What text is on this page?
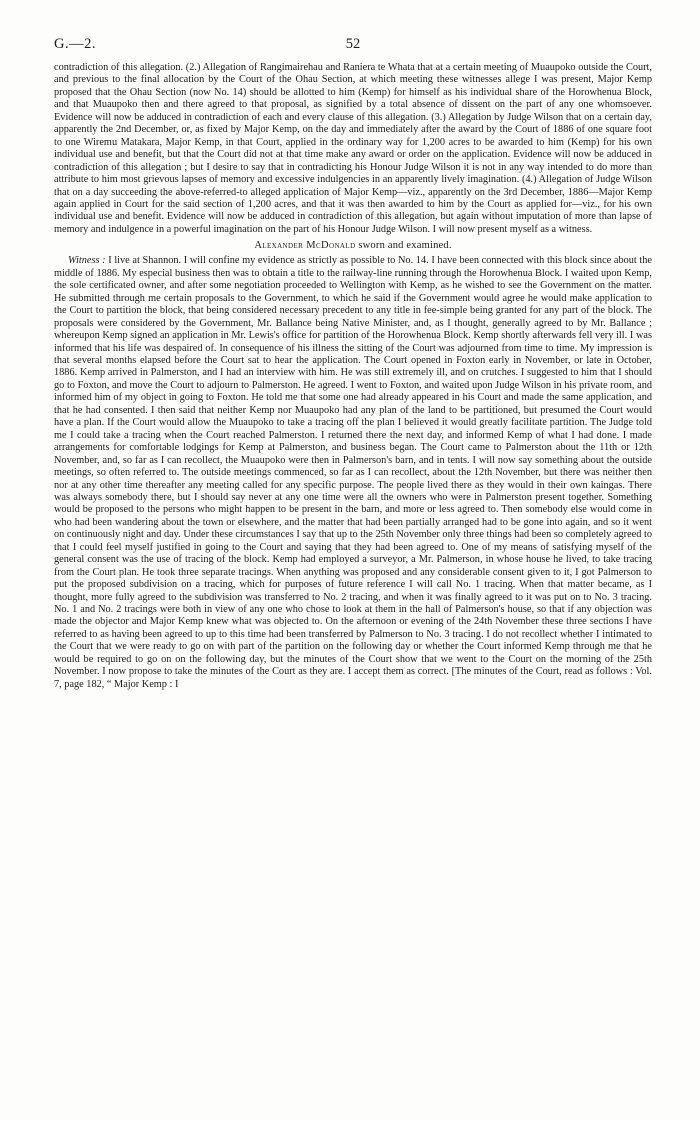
G.—2.	52

contradiction of this allegation. (2.) Allegation of Rangimairehau and Raniera te Whata that at a certain meeting of Muaupoko outside the Court, and previous to the final allocation by the Court of the Ohau Section, at which meeting these witnesses allege I was present, Major Kemp proposed that the Ohau Section (now No. 14) should be allotted to him (Kemp) for himself as his individual share of the Horowhenua Block, and that Muaupoko then and there agreed to that proposal, as signified by a total absence of dissent on the part of any one whomsoever. Evidence will now be adduced in contradiction of each and every clause of this allegation. (3.) Allegation by Judge Wilson that on a certain day, apparently the 2nd December, or, as fixed by Major Kemp, on the day and immediately after the award by the Court of 1886 of one square foot to one Wiremu Matakara, Major Kemp, in that Court, applied in the ordinary way for 1,200 acres to be awarded to him (Kemp) for his own individual use and benefit, but that the Court did not at that time make any award or order on the application. Evidence will now be adduced in contradiction of this allegation ; but I desire to say that in contradicting his Honour Judge Wilson it is not in any way intended to do more than attribute to him most grievous lapses of memory and excessive indulgencies in an apparently lively imagination. (4.) Allegation of Judge Wilson that on a day succeeding the above-referred-to alleged application of Major Kemp—viz., apparently on the 3rd December, 1886—Major Kemp again applied in Court for the said section of 1,200 acres, and that it was then awarded to him by the Court as applied for—viz., for his own individual use and benefit. Evidence will now be adduced in contradiction of this allegation, but again without imputation of more than lapse of memory and indulgence in a powerful imagination on the part of his Honour Judge Wilson. I will now present myself as a witness.

Alexander McDonald sworn and examined.

Witness : I live at Shannon. I will confine my evidence as strictly as possible to No. 14. I have been connected with this block since about the middle of 1886. My especial business then was to obtain a title to the railway-line running through the Horowhenua Block. I waited upon Kemp, the sole certificated owner, and after some negotiation proceeded to Wellington with Kemp, as he wished to see the Government on the matter. He submitted through me certain proposals to the Government, to which he said if the Government would agree he would make application to the Court to partition the block, that being considered necessary precedent to any title in fee-simple being granted for any part of the block. The proposals were considered by the Government, Mr. Ballance being Native Minister, and, as I thought, generally agreed to by Mr. Ballance ; whereupon Kemp signed an application in Mr. Lewis's office for partition of the Horowhenua Block. Kemp shortly afterwards fell very ill. I was informed that his life was despaired of. In consequence of his illness the sitting of the Court was adjourned from time to time. My impression is that several months elapsed before the Court sat to hear the application. The Court opened in Foxton early in November, or late in October, 1886. Kemp arrived in Palmerston, and I had an interview with him. He was still extremely ill, and on crutches. I suggested to him that I should go to Foxton, and move the Court to adjourn to Palmerston. He agreed. I went to Foxton, and waited upon Judge Wilson in his private room, and informed him of my object in going to Foxton. He told me that some one had already appeared in his Court and made the same application, and that he had consented. I then said that neither Kemp nor Muaupoko had any plan of the land to be partitioned, but presumed the Court would have a plan. If the Court would allow the Muaupoko to take a tracing off the plan I believed it would greatly facilitate partition. The Judge told me I could take a tracing when the Court reached Palmerston. I returned there the next day, and informed Kemp of what I had done. I made arrangements for comfortable lodgings for Kemp at Palmerston, and business began. The Court came to Palmerston about the 11th or 12th November, and, so far as I can recollect, the Muaupoko were then in Palmerson's barn, and in tents. I will now say something about the outside meetings, so often referred to. The outside meetings commenced, so far as I can recollect, about the 12th November, but there was neither then nor at any other time thereafter any meeting called for any specific purpose. The people lived there as they would in their own kaingas. There was always somebody there, but I should say never at any one time were all the owners who were in Palmerston present together. Something would be proposed to the persons who might happen to be present in the barn, and more or less agreed to. Then somebody else would come in who had been wandering about the town or elsewhere, and the matter that had been partially arranged had to be gone into again, and so it went on continuously night and day. Under these circumstances I say that up to the 25th November only three things had been so completely agreed to that I could feel myself justified in going to the Court and saying that they had been agreed to. One of my means of satisfying myself of the general consent was the use of tracing of the block. Kemp had employed a surveyor, a Mr. Palmerson, in whose house he lived, to take tracing from the Court plan. He took three separate tracings. When anything was proposed and any considerable consent given to it, I got Palmerson to put the proposed subdivision on a tracing, which for purposes of future reference I will call No. 1 tracing. When that matter became, as I thought, more fully agreed to the subdivision was transferred to No. 2 tracing, and when it was finally agreed to it was put on to No. 3 tracing. No. 1 and No. 2 tracings were both in view of any one who chose to look at them in the hall of Palmerson's house, so that if any objection was made the objector and Major Kemp knew what was objected to. On the afternoon or evening of the 24th November these three sections I have referred to as having been agreed to up to this time had been transferred by Palmerson to No. 3 tracing. I do not recollect whether I intimated to the Court that we were ready to go on with part of the partition on the following day or whether the Court informed Kemp through me that he would be required to go on on the following day, but the minutes of the Court show that we went to the Court on the morning of the 25th November. I now propose to take the minutes of the Court as they are. I accept them as correct. [The minutes of the Court, read as follows : Vol. 7, page 182, “ Major Kemp : I
